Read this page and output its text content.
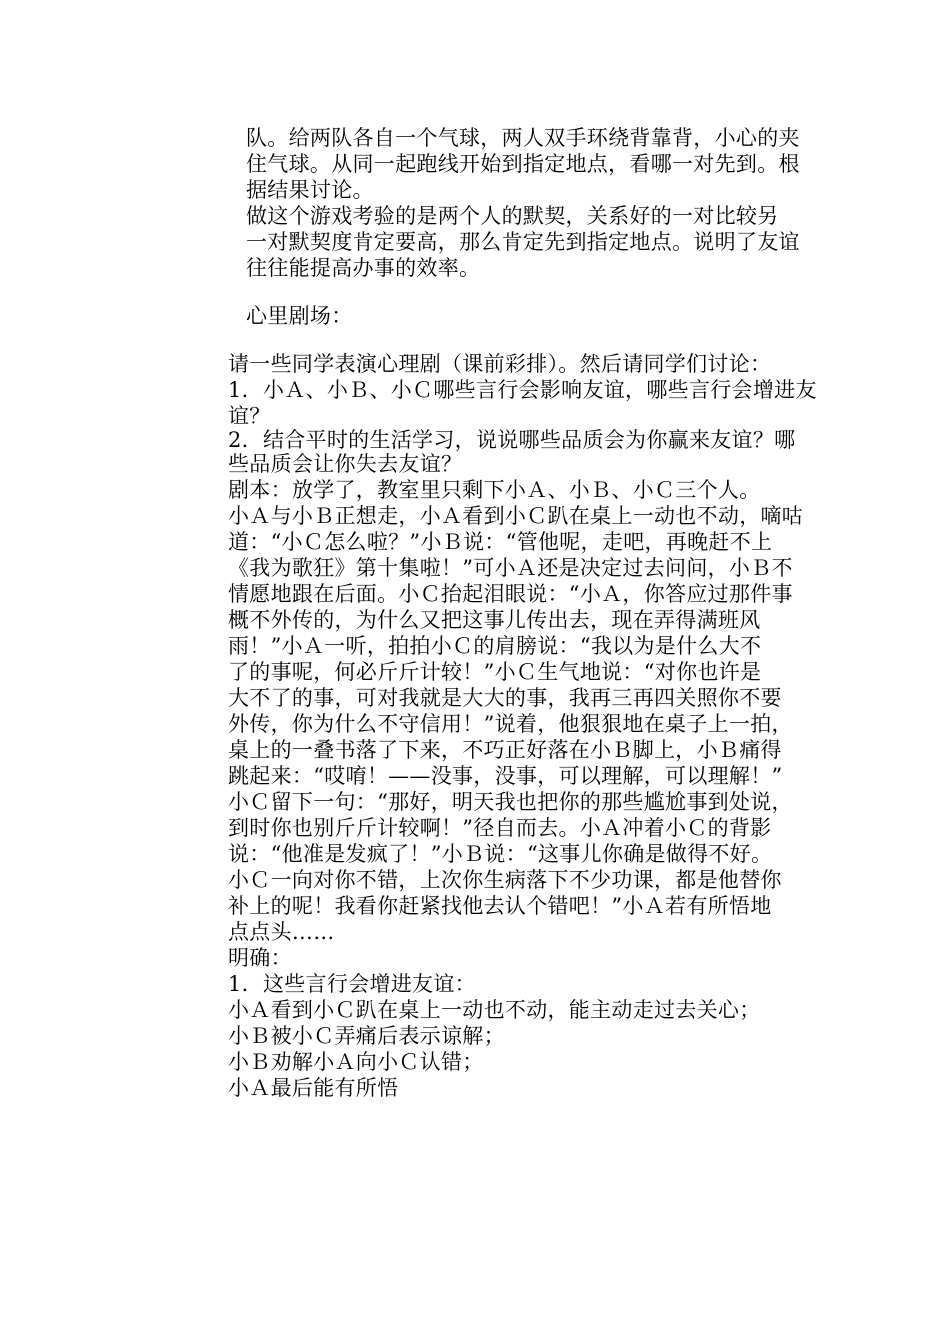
队。给两队各自一个气球，两人双手环绕背靠背，小心的夹
住气球。从同一起跑线开始到指定地点，看哪一对先到。根
据结果讨论。
做这个游戏考验的是两个人的默契，关系好的一对比较另
一对默契度肯定要高，那么肯定先到指定地点。说明了友谊
往往能提高办事的效率。
心里剧场：
请一些同学表演心理剧（课前彩排）。然后请同学们讨论：
1．小Ａ、小Ｂ、小Ｃ哪些言行会影响友谊，哪些言行会增进友
谊？
2．结合平时的生活学习，说说哪些品质会为你赢来友谊？哪
些品质会让你失去友谊？
剧本：放学了，教室里只剩下小Ａ、小Ｂ、小Ｃ三个人。
小Ａ与小Ｂ正想走，小Ａ看到小Ｃ趴在桌上一动也不动，嘀咕
道：“小Ｃ怎么啦？”小Ｂ说：“管他呢，走吧，再晚赶不上
《我为歌狂》第十集啦！”可小Ａ还是决定过去问问，小Ｂ不
情愿地跟在后面。小Ｃ抬起泪眼说：“小Ａ，你答应过那件事
概不外传的，为什么又把这事儿传出去，现在弄得满班风
雨！”小Ａ一听，拍拍小Ｃ的肩膀说：“我以为是什么大不
了的事呢，何必斤斤计较！”小Ｃ生气地说：“对你也许是
大不了的事，可对我就是大大的事，我再三再四关照你不要
外传，你为什么不守信用！”说着，他狠狠地在桌子上一拍，
桌上的一叠书落了下来，不巧正好落在小Ｂ脚上，小Ｂ痛得
跳起来：“哎唷！——没事，没事，可以理解，可以理解！”
小Ｃ留下一句：“那好，明天我也把你的那些尴尬事到处说，
到时你也别斤斤计较啊！”径自而去。小Ａ冲着小Ｃ的背影
说：“他准是发疯了！”小Ｂ说：“这事儿你确是做得不好。
小Ｃ一向对你不错，上次你生病落下不少功课，都是他替你
补上的呢！我看你赶紧找他去认个错吧！”小Ａ若有所悟地
点点头……
明确：
1．这些言行会增进友谊：
小Ａ看到小Ｃ趴在桌上一动也不动，能主动走过去关心；
小Ｂ被小Ｃ弄痛后表示谅解；
小Ｂ劝解小Ａ向小Ｃ认错；
小Ａ最后能有所悟
